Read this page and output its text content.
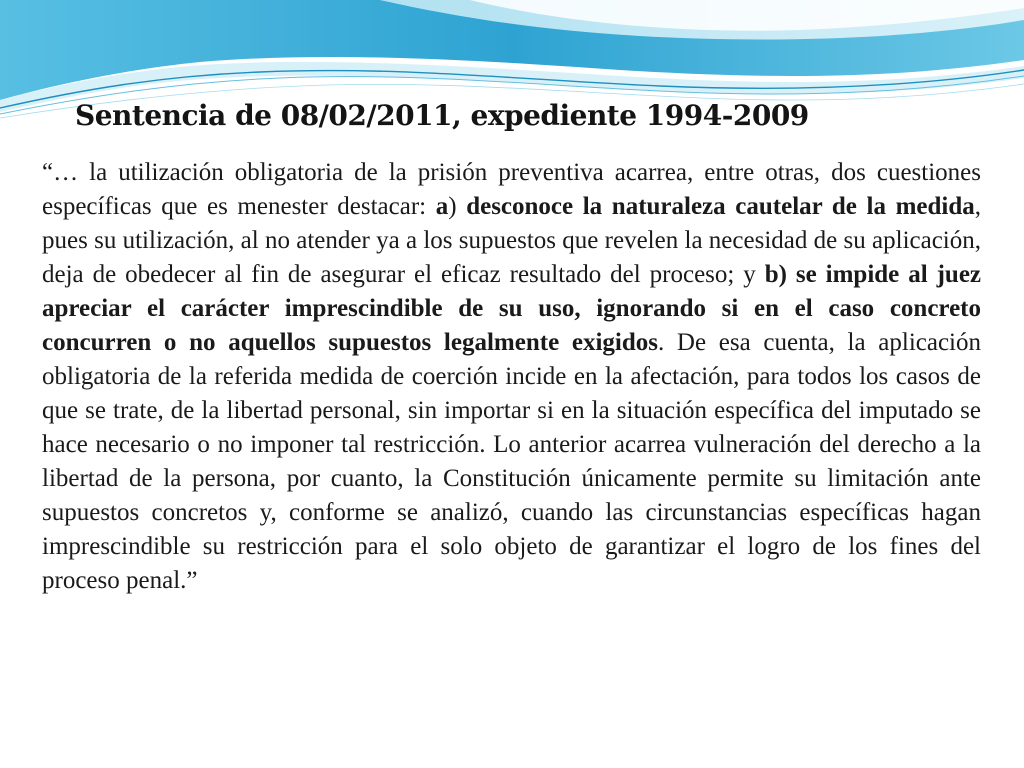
Sentencia de 08/02/2011, expediente 1994-2009

“… la utilización obligatoria de la prisión preventiva acarrea, entre otras, dos cuestiones específicas que es menester destacar: a) desconoce la naturaleza cautelar de la medida, pues su utilización, al no atender ya a los supuestos que revelen la necesidad de su aplicación, deja de obedecer al fin de asegurar el eficaz resultado del proceso; y b) se impide al juez apreciar el carácter imprescindible de su uso, ignorando si en el caso concreto concurren o no aquellos supuestos legalmente exigidos. De esa cuenta, la aplicación obligatoria de la referida medida de coerción incide en la afectación, para todos los casos de que se trate, de la libertad personal, sin importar si en la situación específica del imputado se hace necesario o no imponer tal restricción. Lo anterior acarrea vulneración del derecho a la libertad de la persona, por cuanto, la Constitución únicamente permite su limitación ante supuestos concretos y, conforme se analizó, cuando las circunstancias específicas hagan imprescindible su restricción para el solo objeto de garantizar el logro de los fines del proceso penal.”
